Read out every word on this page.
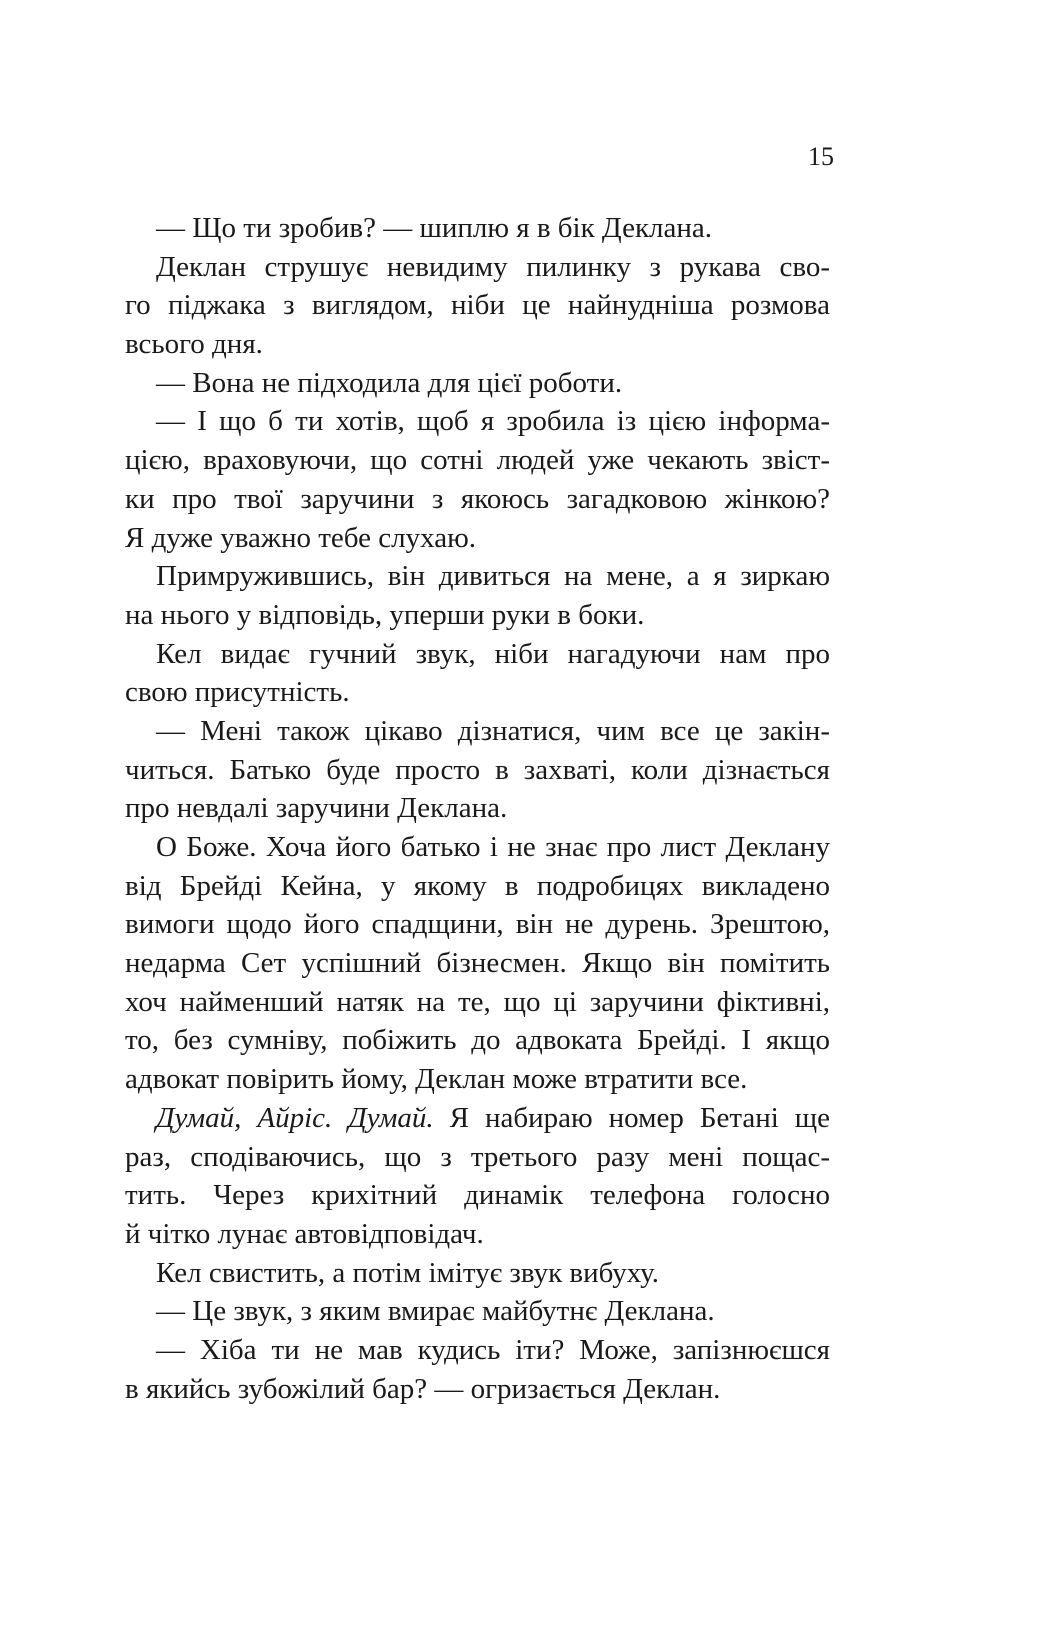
15
— Що ти зробив? — шиплю я в бік Деклана.
Деклан струшує невидиму пилинку з рукава сво-
го піджака з виглядом, ніби це найнудніша розмова
всього дня.
— Вона не підходила для цієї роботи.
— І що б ти хотів, щоб я зробила із цією інформа-
цією, враховуючи, що сотні людей уже чекають звіст-
ки про твої заручини з якоюсь загадковою жінкою?
Я дуже уважно тебе слухаю.
Примружившись, він дивиться на мене, а я зиркаю
на нього у відповідь, уперши руки в боки.
Кел видає гучний звук, ніби нагадуючи нам про
свою присутність.
— Мені також цікаво дізнатися, чим все це закін-
читься. Батько буде просто в захваті, коли дізнається
про невдалі заручини Деклана.
О Боже. Хоча його батько і не знає про лист Деклану
від Брейді Кейна, у якому в подробицях викладено
вимоги щодо його спадщини, він не дурень. Зрештою,
недарма Сет успішний бізнесмен. Якщо він помітить
хоч найменший натяк на те, що ці заручини фіктивні,
то, без сумніву, побіжить до адвоката Брейді. І якщо
адвокат повірить йому, Деклан може втратити все.
Думай, Айріс. Думай. Я набираю номер Бетані ще
раз, сподіваючись, що з третього разу мені пощас-
тить. Через крихітний динамік телефона голосно
й чітко лунає автовідповідач.
Кел свистить, а потім імітує звук вибуху.
— Це звук, з яким вмирає майбутнє Деклана.
— Хіба ти не мав кудись іти? Може, запізнюєшся
в якийсь зубожілий бар? — огризається Деклан.
